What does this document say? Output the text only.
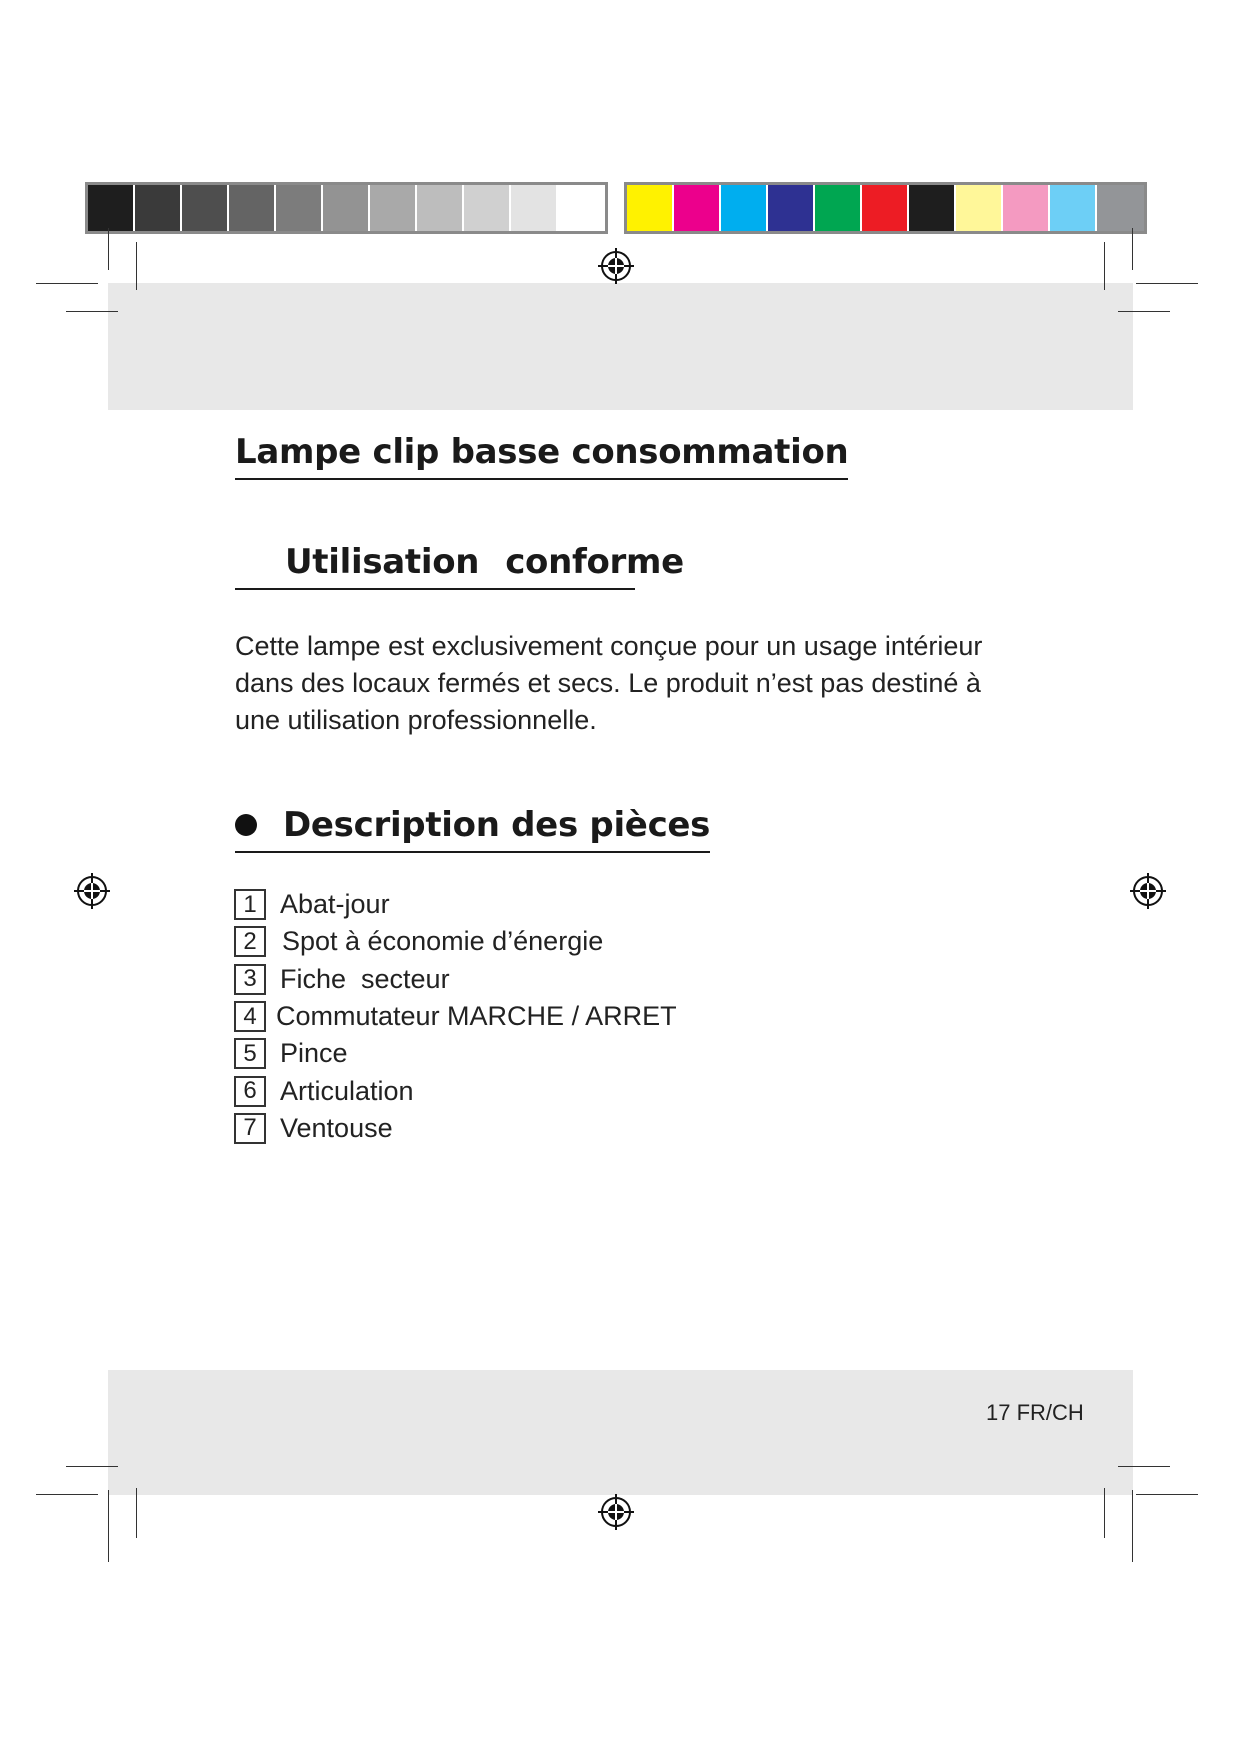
Lampe clip basse consommation
Utilisation conforme

Cette lampe est exclusivement conçue pour un usage intérieur
dans des locaux fermés et secs. Le produit n’est pas destiné à
une utilisation professionnelle.

Description des pièces
1 Abat-jour
2 Spot à économie d’énergie
3 Fiche  secteur
4 Commutateur MARCHE / ARRET
5 Pince
6 Articulation
7 Ventouse

17 FR/CH
